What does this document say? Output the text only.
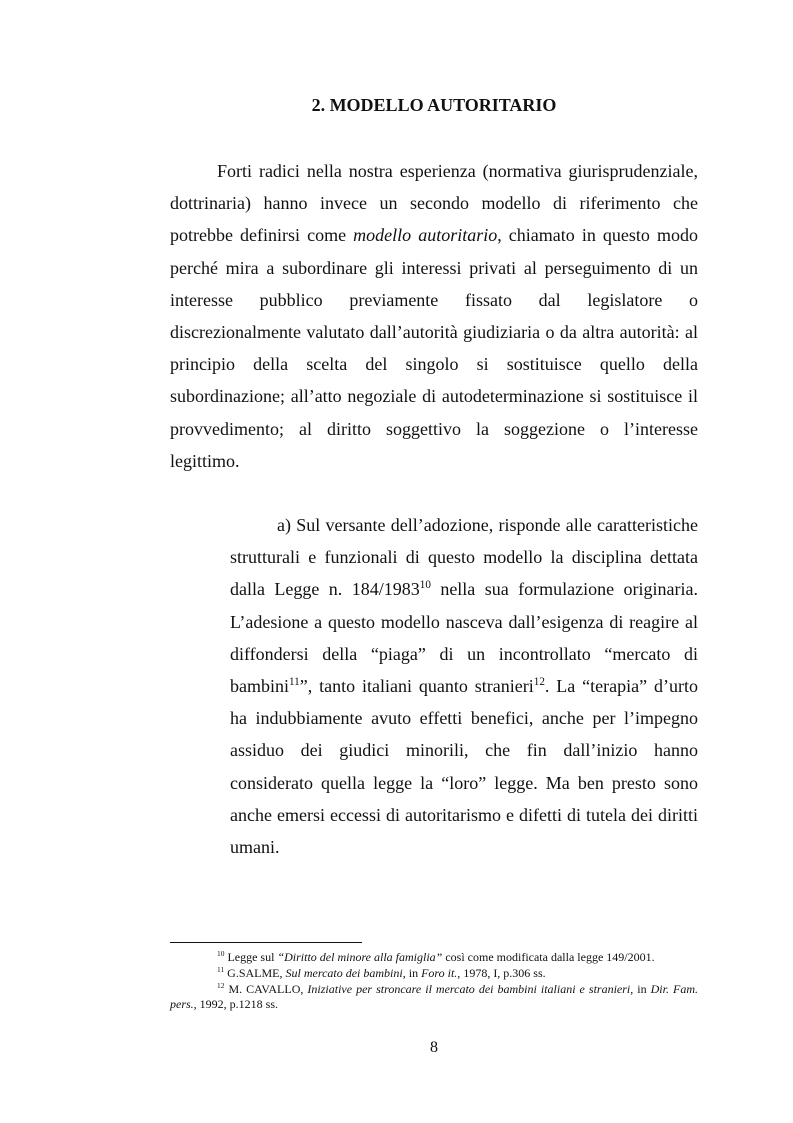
2. MODELLO AUTORITARIO

Forti radici nella nostra esperienza (normativa giurisprudenziale, dottrinaria) hanno invece un secondo modello di riferimento che potrebbe definirsi come modello autoritario, chiamato in questo modo perché mira a subordinare gli interessi privati al perseguimento di un interesse pubblico previamente fissato dal legislatore o discrezionalmente valutato dall’autorità giudiziaria o da altra autorità: al principio della scelta del singolo si sostituisce quello della subordinazione; all’atto negoziale di autodeterminazione si sostituisce il provvedimento; al diritto soggettivo la soggezione o l’interesse legittimo.

a) Sul versante dell’adozione, risponde alle caratteristiche strutturali e funzionali di questo modello la disciplina dettata dalla Legge n. 184/1983$^{10}$ nella sua formulazione originaria. L’adesione a questo modello nasceva dall’esigenza di reagire al diffondersi della “piaga” di un incontrollato “mercato di bambini$^{11}$”, tanto italiani quanto stranieri$^{12}$. La “terapia” d’urto ha indubbiamente avuto effetti benefici, anche per l’impegno assiduo dei giudici minorili, che fin dall’inizio hanno considerato quella legge la “loro” legge. Ma ben presto sono anche emersi eccessi di autoritarismo e difetti di tutela dei diritti umani.

$^{10}$ Legge sul “Diritto del minore alla famiglia” così come modificata dalla legge 149/2001.

$^{11}$ G.SALME, Sul mercato dei bambini, in Foro it., 1978, I, p.306 ss.

$^{12}$ M. CAVALLO, Iniziative per stroncare il mercato dei bambini italiani e stranieri, in Dir. Fam. pers., 1992, p.1218 ss.

8
